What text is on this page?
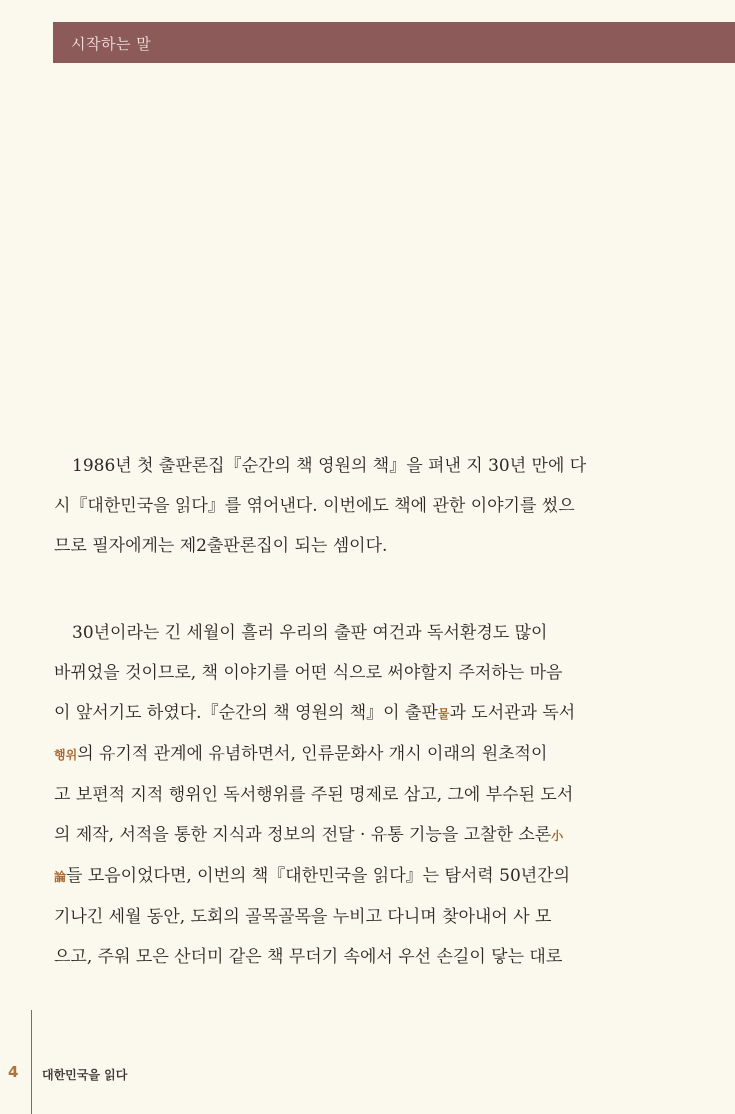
시작하는 말
1986년 첫 출판론집『순간의 책 영원의 책』을 펴낸 지 30년 만에 다
시『대한민국을 읽다』를 엮어낸다. 이번에도 책에 관한 이야기를 썼으
므로 필자에게는 제2출판론집이 되는 셈이다.
30년이라는 긴 세월이 흘러 우리의 출판 여건과 독서환경도 많이
바뀌었을 것이므로, 책 이야기를 어떤 식으로 써야할지 주저하는 마음
이 앞서기도 하였다.『순간의 책 영원의 책』이 출판물과 도서관과 독서
행위의 유기적 관계에 유념하면서, 인류문화사 개시 이래의 원초적이
고 보편적 지적 행위인 독서행위를 주된 명제로 삼고, 그에 부수된 도서
의 제작, 서적을 통한 지식과 정보의 전달 · 유통 기능을 고찰한 소론小
論들 모음이었다면, 이번의 책『대한민국을 읽다』는 탐서력 50년간의
기나긴 세월 동안, 도회의 골목골목을 누비고 다니며 찾아내어 사 모
으고, 주워 모은 산더미 같은 책 무더기 속에서 우선 손길이 닿는 대로
4 대한민국을 읽다
